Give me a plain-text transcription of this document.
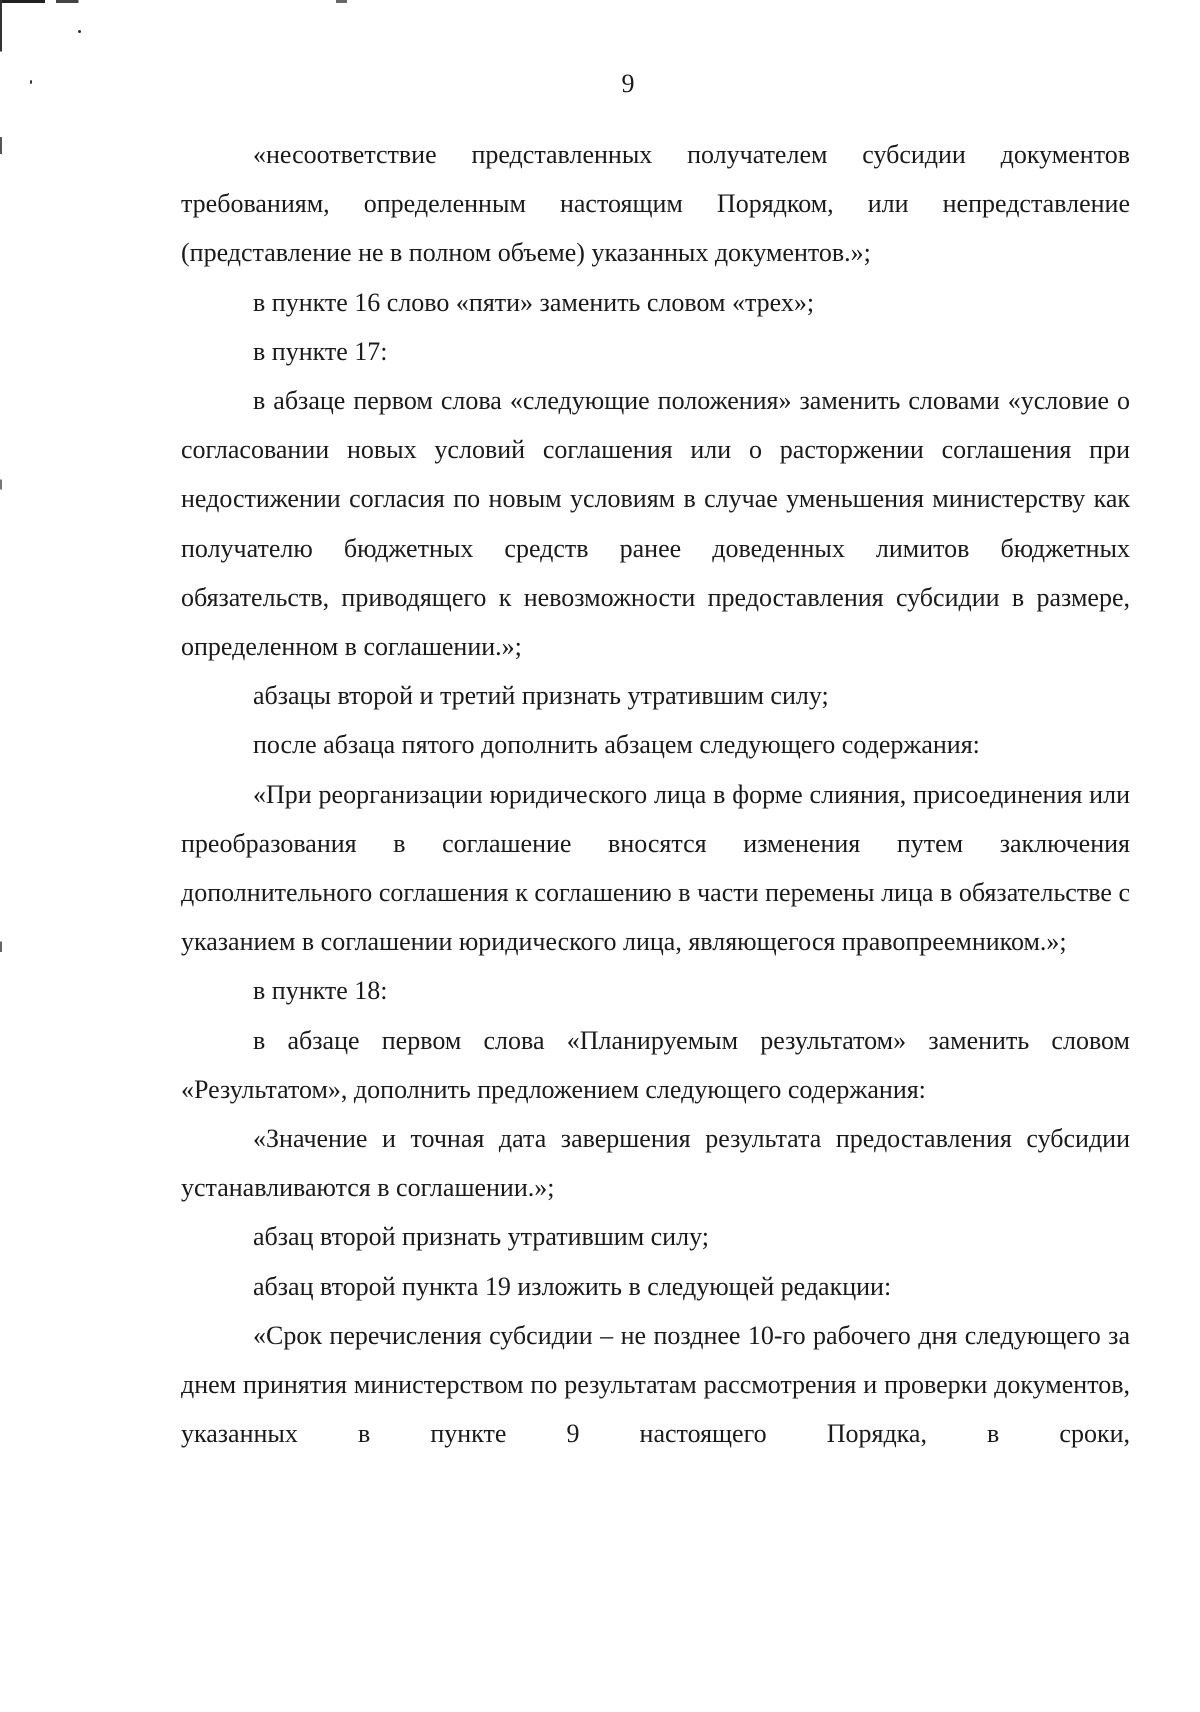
9

«несоответствие представленных получателем субсидии документов требованиям, определенным настоящим Порядком, или непредставление (представление не в полном объеме) указанных документов.»;

в пункте 16 слово «пяти» заменить словом «трех»;

в пункте 17:

в абзаце первом слова «следующие положения» заменить словами «условие о согласовании новых условий соглашения или о расторжении соглашения при недостижении согласия по новым условиям в случае уменьшения министерству как получателю бюджетных средств ранее доведенных лимитов бюджетных обязательств, приводящего к невозможности предоставления субсидии в размере, определенном в соглашении.»;

абзацы второй и третий признать утратившим силу;

после абзаца пятого дополнить абзацем следующего содержания:

«При реорганизации юридического лица в форме слияния, присоединения или преобразования в соглашение вносятся изменения путем заключения дополнительного соглашения к соглашению в части перемены лица в обязательстве с указанием в соглашении юридического лица, являющегося правопреемником.»;

в пункте 18:

в абзаце первом слова «Планируемым результатом» заменить словом «Результатом», дополнить предложением следующего содержания:

«Значение и точная дата завершения результата предоставления субсидии устанавливаются в соглашении.»;

абзац второй признать утратившим силу;

абзац второй пункта 19 изложить в следующей редакции:

«Срок перечисления субсидии – не позднее 10-го рабочего дня следующего за днем принятия министерством по результатам рассмотрения и проверки документов, указанных в пункте 9 настоящего Порядка, в сроки,
